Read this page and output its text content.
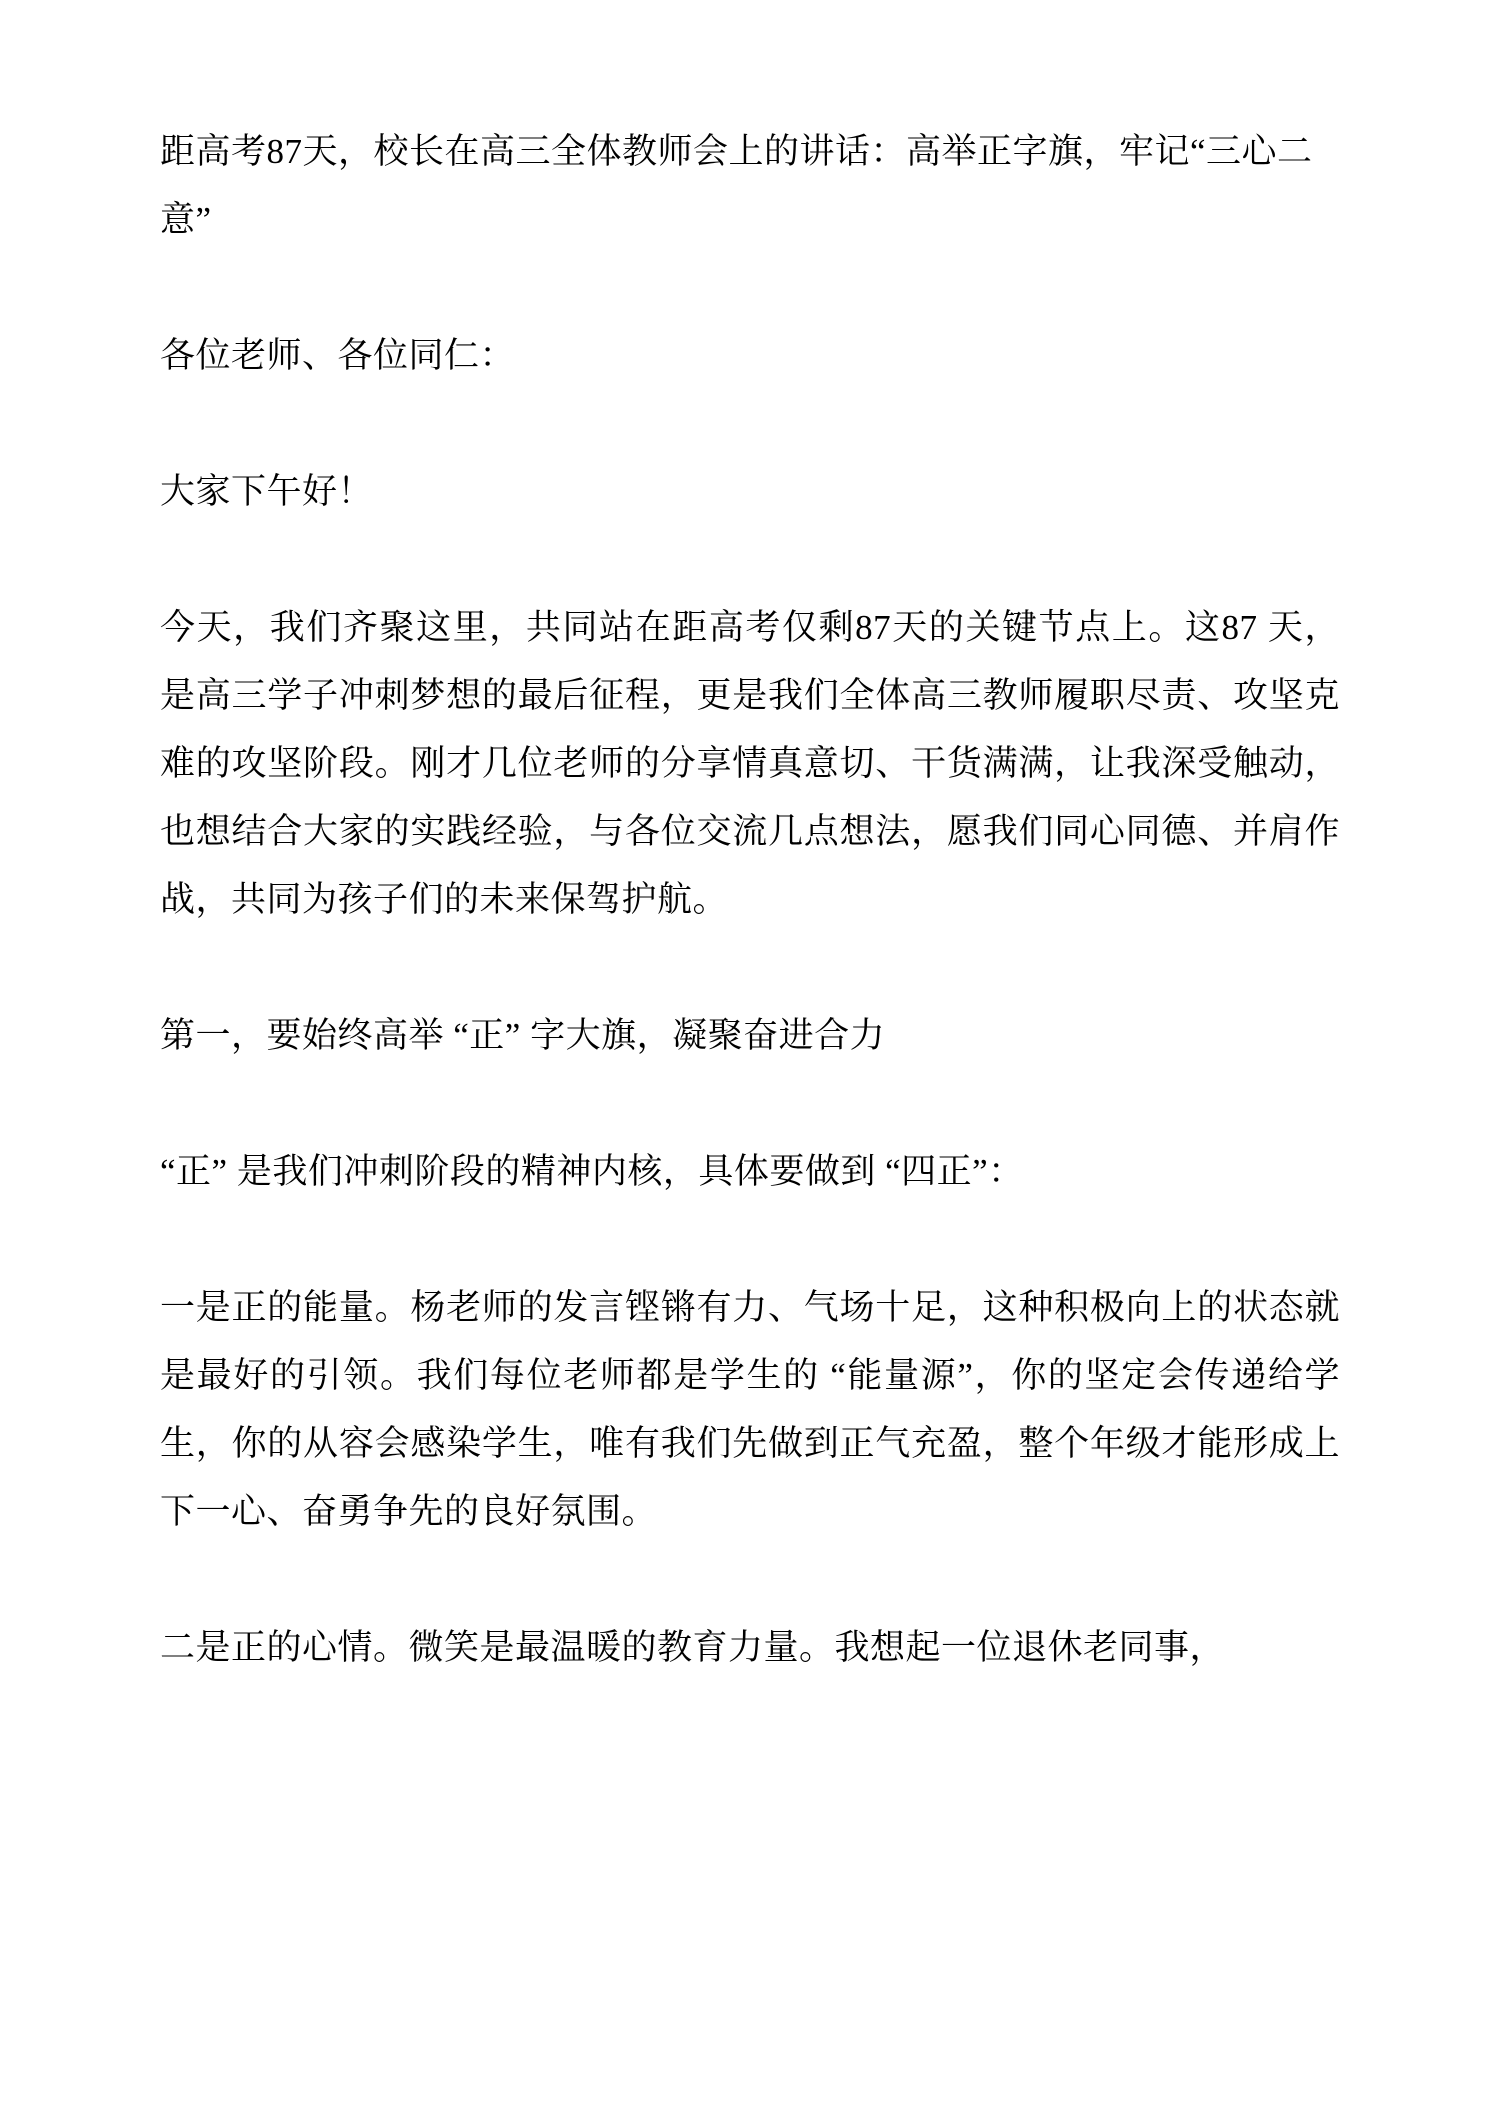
距高考87天，校长在高三全体教师会上的讲话：高举正字旗，牢记“三心二意”

各位老师、各位同仁：

大家下午好！

今天，我们齐聚这里，共同站在距高考仅剩87天的关键节点上。这87 天，是高三学子冲刺梦想的最后征程，更是我们全体高三教师履职尽责、攻坚克难的攻坚阶段。刚才几位老师的分享情真意切、干货满满，让我深受触动，也想结合大家的实践经验，与各位交流几点想法，愿我们同心同德、并肩作战，共同为孩子们的未来保驾护航。

第一，要始终高举 “正” 字大旗，凝聚奋进合力

“正” 是我们冲刺阶段的精神内核，具体要做到 “四正”：

一是正的能量。杨老师的发言铿锵有力、气场十足，这种积极向上的状态就是最好的引领。我们每位老师都是学生的 “能量源”，你的坚定会传递给学生，你的从容会感染学生，唯有我们先做到正气充盈，整个年级才能形成上下一心、奋勇争先的良好氛围。

二是正的心情。微笑是最温暖的教育力量。我想起一位退休老同事，
